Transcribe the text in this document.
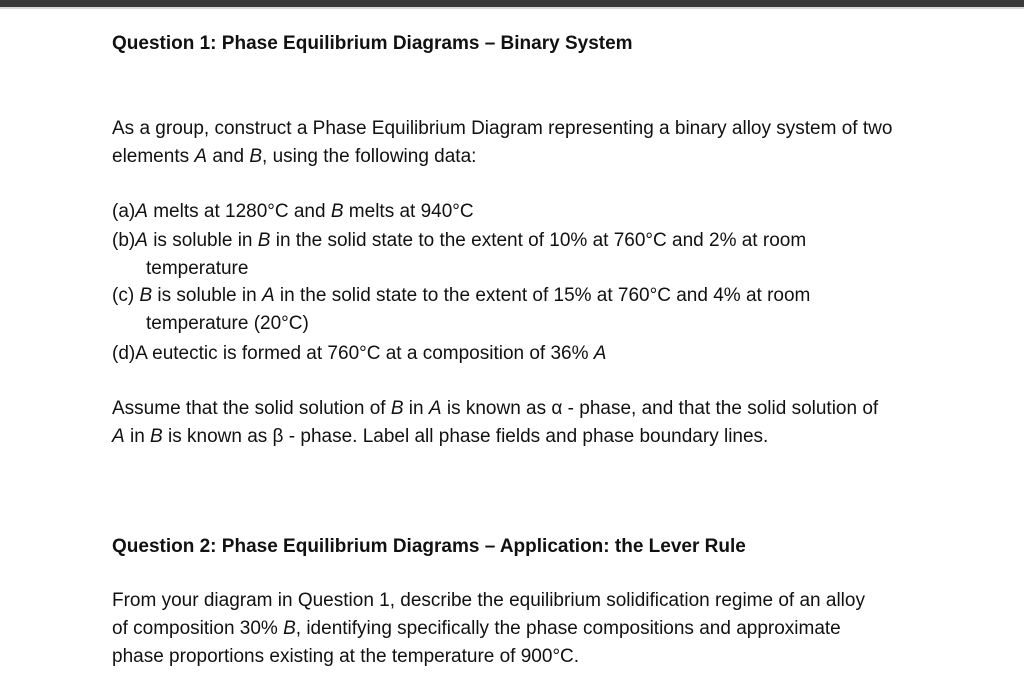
Question 1: Phase Equilibrium Diagrams – Binary System

As a group, construct a Phase Equilibrium Diagram representing a binary alloy system of two
elements A and B, using the following data:

(a)A melts at 1280°C and B melts at 940°C
(b)A is soluble in B in the solid state to the extent of 10% at 760°C and 2% at room
temperature
(c) B is soluble in A in the solid state to the extent of 15% at 760°C and 4% at room
temperature (20°C)
(d)A eutectic is formed at 760°C at a composition of 36% A

Assume that the solid solution of B in A is known as α - phase, and that the solid solution of
A in B is known as β - phase. Label all phase fields and phase boundary lines.

Question 2: Phase Equilibrium Diagrams – Application: the Lever Rule

From your diagram in Question 1, describe the equilibrium solidification regime of an alloy
of composition 30% B, identifying specifically the phase compositions and approximate
phase proportions existing at the temperature of 900°C.
